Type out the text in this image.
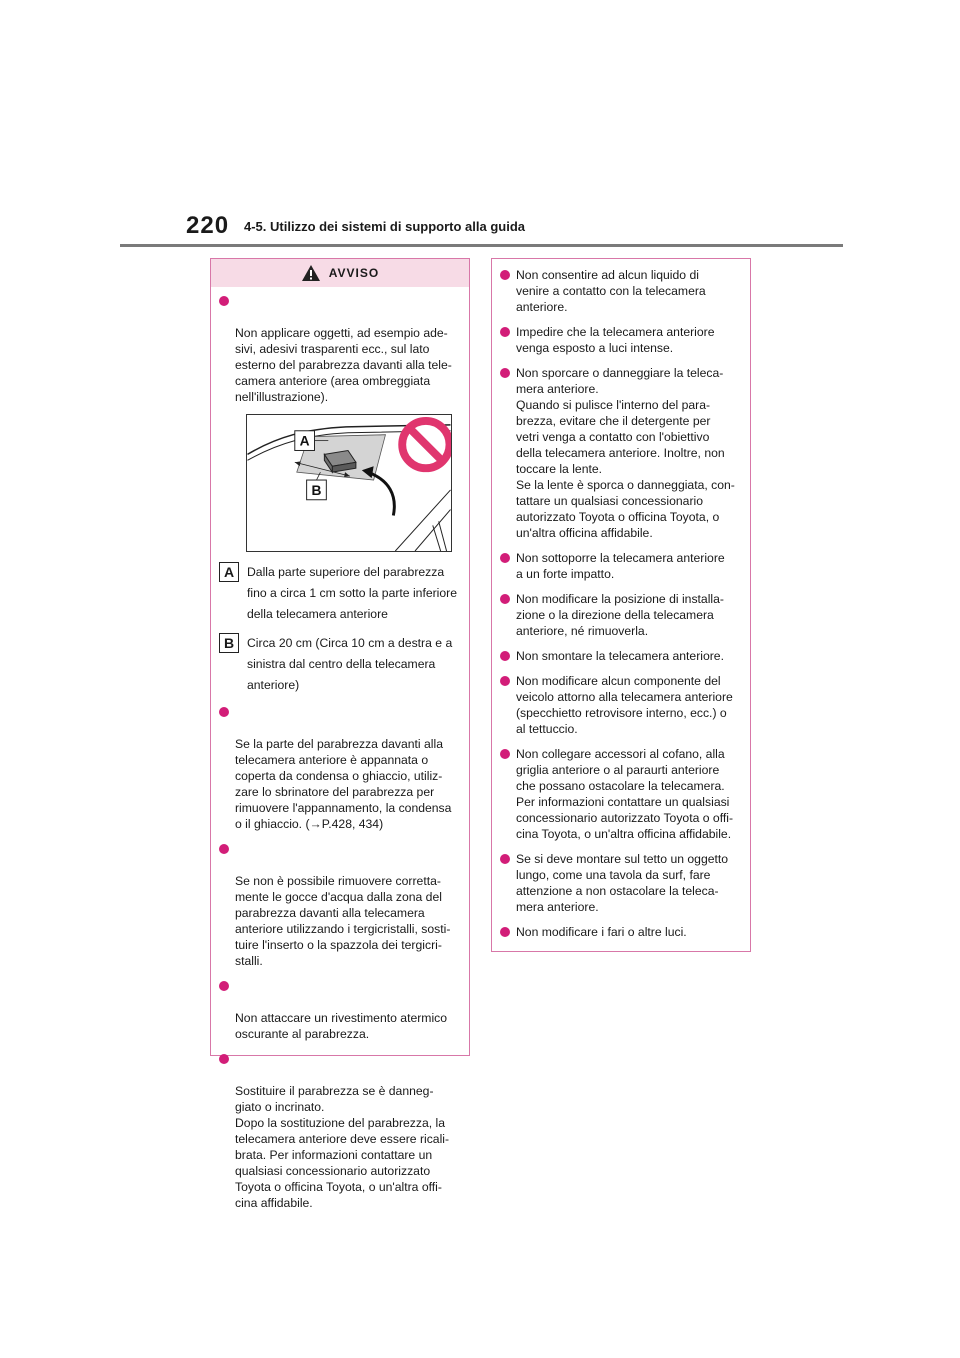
220 4-5. Utilizzo dei sistemi di supporto alla guida
AVVISO

Non applicare oggetti, ad esempio ade-
sivi, adesivi trasparenti ecc., sul lato
esterno del parabrezza davanti alla tele-
camera anteriore (area ombreggiata
nell'illustrazione).

A
B
A	Dalla parte superiore del parabrezza
fino a circa 1 cm sotto la parte inferiore
della telecamera anteriore
B	Circa 20 cm (Circa 10 cm a destra e a
sinistra dal centro della telecamera
anteriore)

Se la parte del parabrezza davanti alla
telecamera anteriore è appannata o
coperta da condensa o ghiaccio, utiliz-
zare lo sbrinatore del parabrezza per
rimuovere l'appannamento, la condensa
o il ghiaccio. (→P.428, 434)

Se non è possibile rimuovere corretta-
mente le gocce d'acqua dalla zona del
parabrezza davanti alla telecamera
anteriore utilizzando i tergicristalli, sosti-
tuire l'inserto o la spazzola dei tergicri-
stalli.

Non attaccare un rivestimento atermico
oscurante al parabrezza.

Sostituire il parabrezza se è danneg-
giato o incrinato.
Dopo la sostituzione del parabrezza, la
telecamera anteriore deve essere ricali-
brata. Per informazioni contattare un
qualsiasi concessionario autorizzato
Toyota o officina Toyota, o un'altra offi-
cina affidabile.

Non consentire ad alcun liquido di
venire a contatto con la telecamera
anteriore.
Impedire che la telecamera anteriore
venga esposto a luci intense.
Non sporcare o danneggiare la teleca-
mera anteriore.
Quando si pulisce l'interno del para-
brezza, evitare che il detergente per
vetri venga a contatto con l'obiettivo
della telecamera anteriore. Inoltre, non
toccare la lente.
Se la lente è sporca o danneggiata, con-
tattare un qualsiasi concessionario
autorizzato Toyota o officina Toyota, o
un'altra officina affidabile.
Non sottoporre la telecamera anteriore
a un forte impatto.
Non modificare la posizione di installa-
zione o la direzione della telecamera
anteriore, né rimuoverla.
Non smontare la telecamera anteriore.
Non modificare alcun componente del
veicolo attorno alla telecamera anteriore
(specchietto retrovisore interno, ecc.) o
al tettuccio.
Non collegare accessori al cofano, alla
griglia anteriore o al paraurti anteriore
che possano ostacolare la telecamera.
Per informazioni contattare un qualsiasi
concessionario autorizzato Toyota o offi-
cina Toyota, o un'altra officina affidabile.
Se si deve montare sul tetto un oggetto
lungo, come una tavola da surf, fare
attenzione a non ostacolare la teleca-
mera anteriore.
Non modificare i fari o altre luci.
